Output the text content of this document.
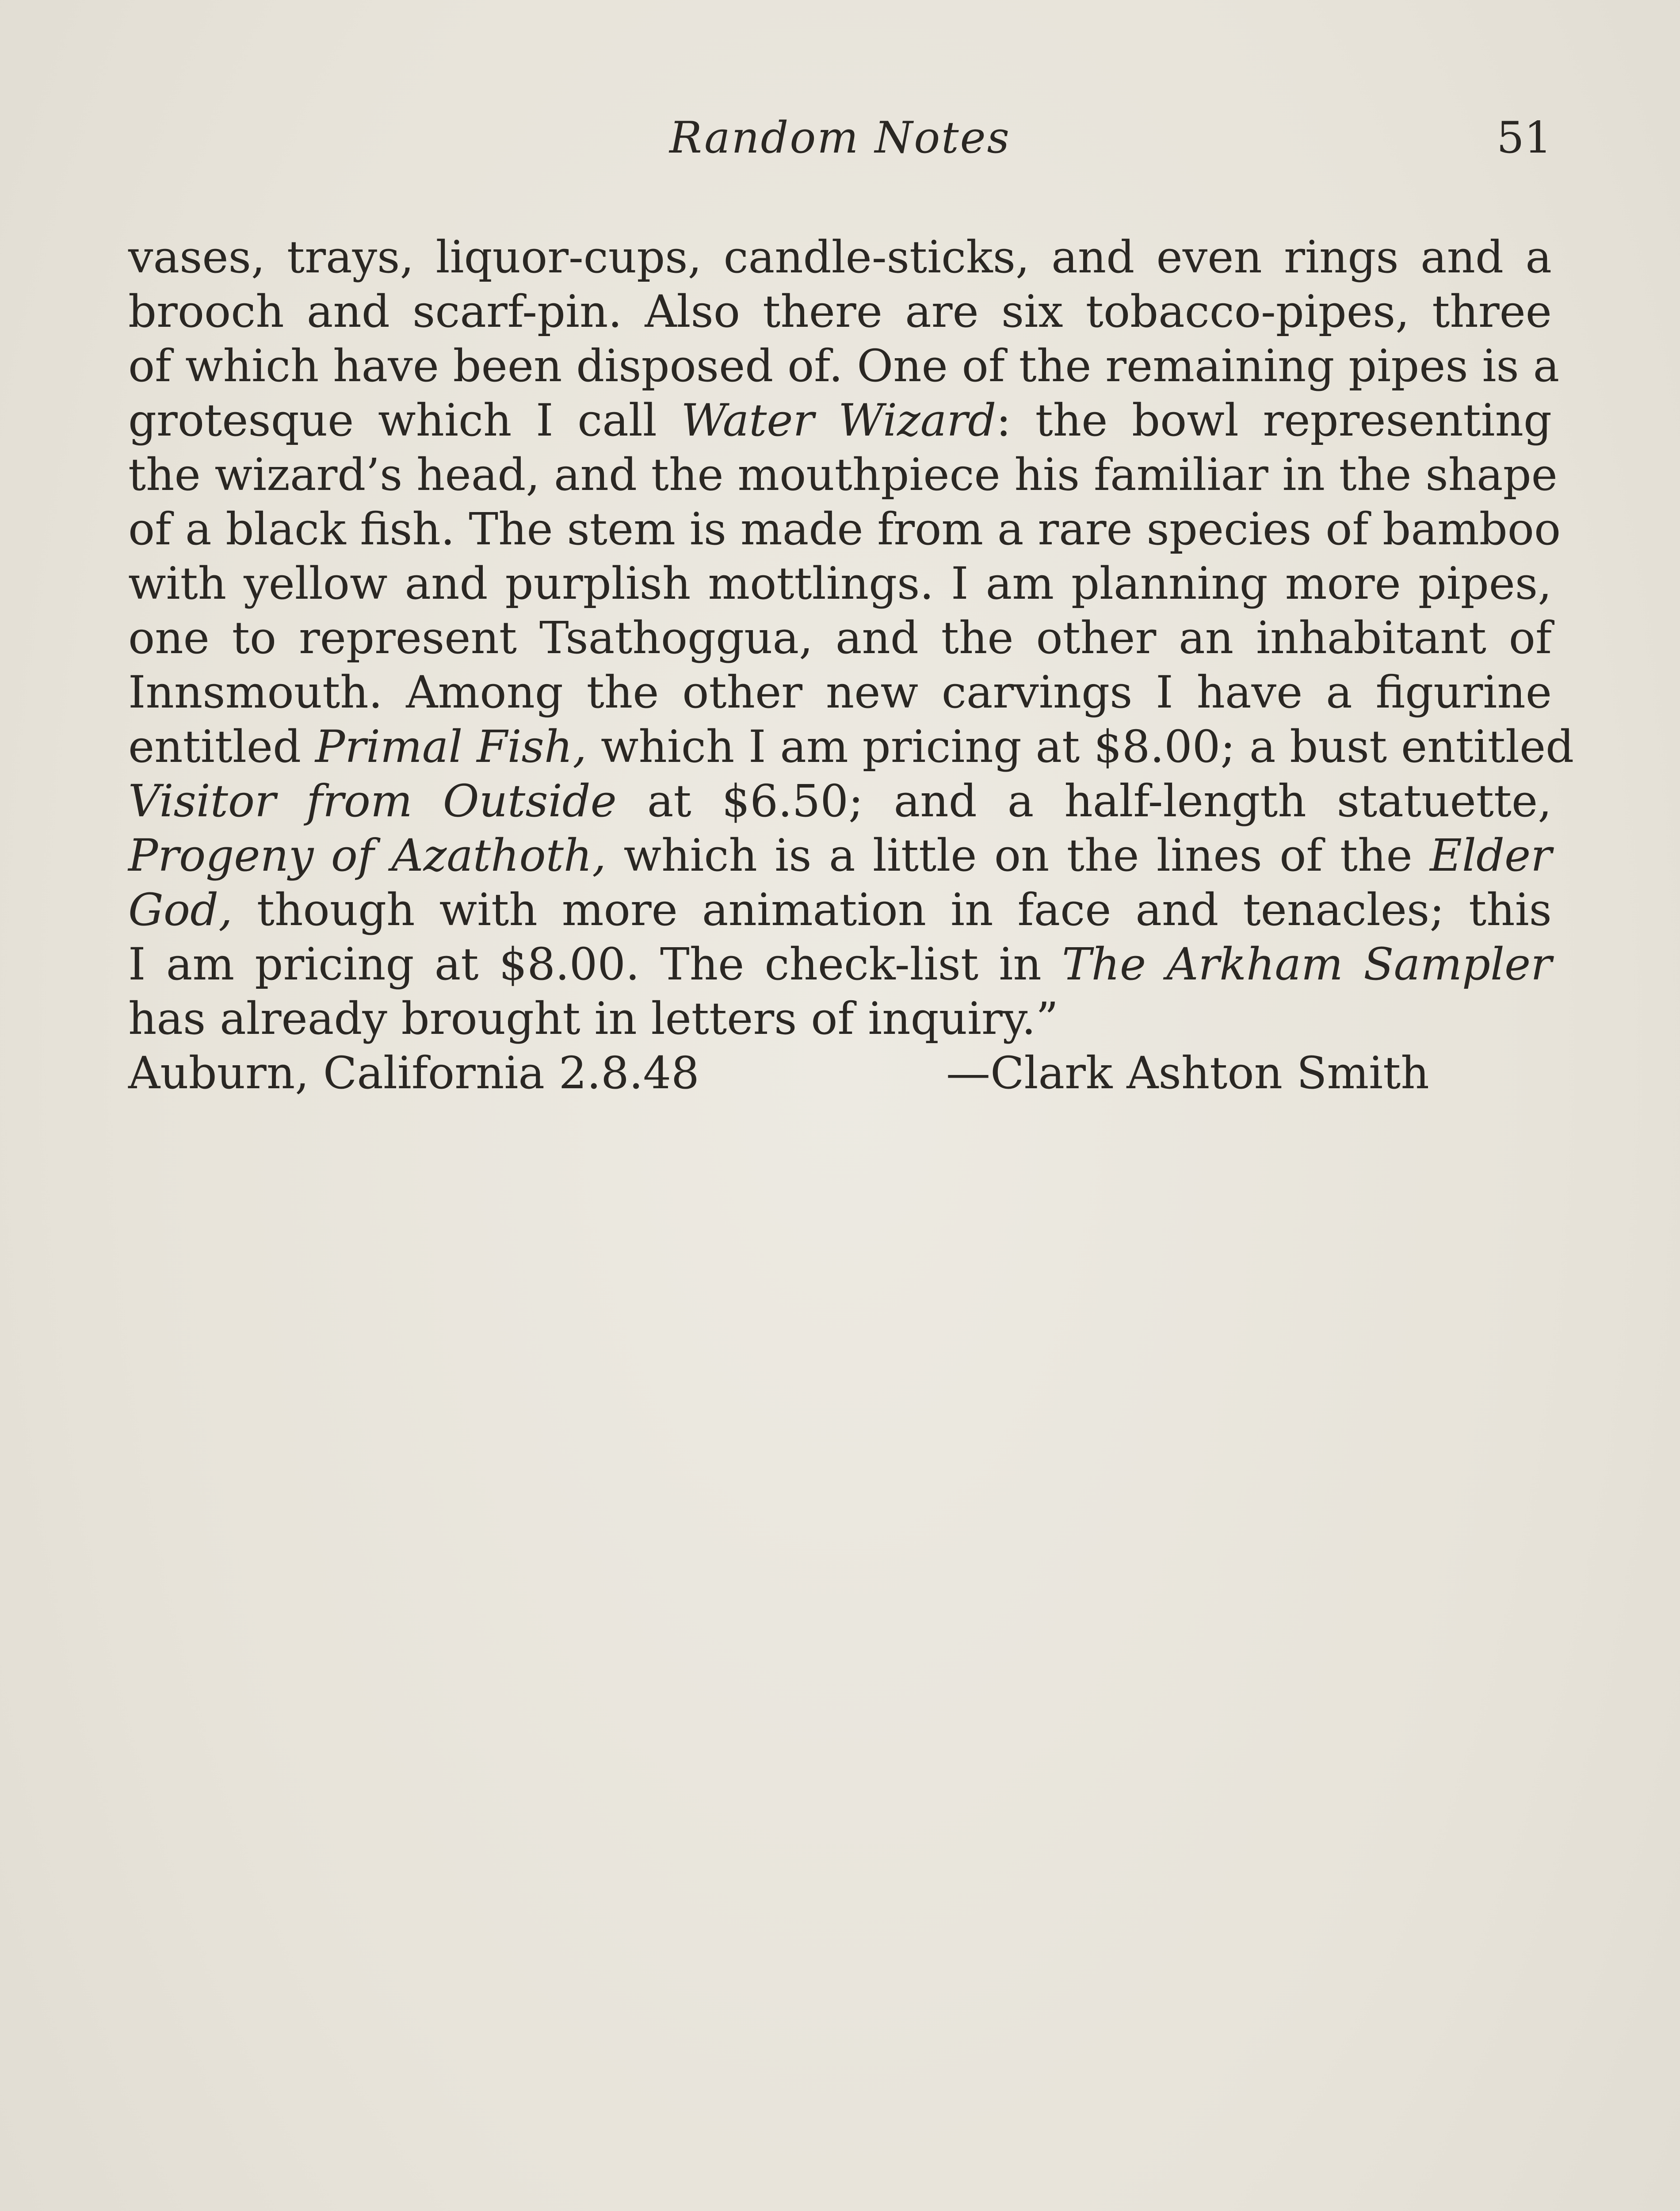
Random Notes	51
vases, trays, liquor-cups, candle-sticks, and even rings and a
brooch and scarf-pin. Also there are six tobacco-pipes, three
of which have been disposed of. One of the remaining pipes is a
grotesque which I call Water Wizard: the bowl representing
the wizard’s head, and the mouthpiece his familiar in the shape
of a black fish. The stem is made from a rare species of bamboo
with yellow and purplish mottlings. I am planning more pipes,
one to represent Tsathoggua, and the other an inhabitant of
Innsmouth. Among the other new carvings I have a figurine
entitled Primal Fish, which I am pricing at $8.00; a bust entitled
Visitor from Outside at $6.50; and a half-length statuette,
Progeny of Azathoth, which is a little on the lines of the Elder
God, though with more animation in face and tenacles; this
I am pricing at $8.00. The check-list in The Arkham Sampler
has already brought in letters of inquiry.”
Auburn, California 2.8.48	—Clark Ashton Smith
